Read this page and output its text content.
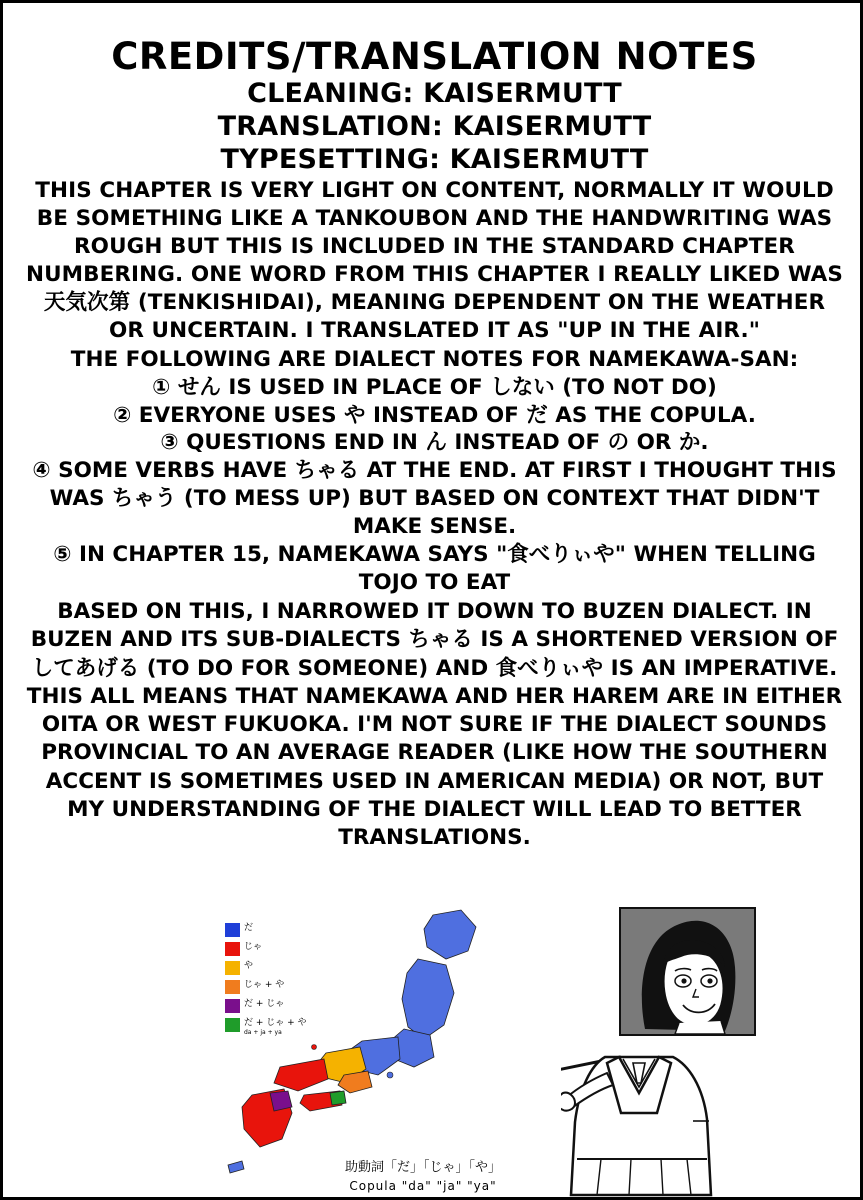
CREDITS/TRANSLATION NOTES
CLEANING: KAISERMUTT
TRANSLATION: KAISERMUTT
TYPESETTING: KAISERMUTT

THIS CHAPTER IS VERY LIGHT ON CONTENT, NORMALLY IT WOULD BE SOMETHING LIKE A TANKOUBON AND THE HANDWRITING WAS ROUGH BUT THIS IS INCLUDED IN THE STANDARD CHAPTER NUMBERING. ONE WORD FROM THIS CHAPTER I REALLY LIKED WAS 天気次第 (TENKISHIDAI), MEANING DEPENDENT ON THE WEATHER OR UNCERTAIN. I TRANSLATED IT AS "UP IN THE AIR."

THE FOLLOWING ARE DIALECT NOTES FOR NAMEKAWA-SAN:
① せん IS USED IN PLACE OF しない (TO NOT DO)
② EVERYONE USES や INSTEAD OF だ AS THE COPULA.
③ QUESTIONS END IN ん INSTEAD OF の OR か.
④ SOME VERBS HAVE ちゃる AT THE END. AT FIRST I THOUGHT THIS WAS ちゃう (TO MESS UP) BUT BASED ON CONTEXT THAT DIDN'T MAKE SENSE.
⑤ IN CHAPTER 15, NAMEKAWA SAYS "食べりぃや" WHEN TELLING TOJO TO EAT

BASED ON THIS, I NARROWED IT DOWN TO BUZEN DIALECT. IN BUZEN AND ITS SUB-DIALECTS ちゃる IS A SHORTENED VERSION OF してあげる (TO DO FOR SOMEONE) AND 食べりぃや IS AN IMPERATIVE. THIS ALL MEANS THAT NAMEKAWA AND HER HAREM ARE IN EITHER OITA OR WEST FUKUOKA. I'M NOT SURE IF THE DIALECT SOUNDS PROVINCIAL TO AN AVERAGE READER (LIKE HOW THE SOUTHERN ACCENT IS SOMETIMES USED IN AMERICAN MEDIA) OR NOT, BUT MY UNDERSTANDING OF THE DIALECT WILL LEAD TO BETTER TRANSLATIONS.

だ
じゃ
や
じゃ + や
だ + じゃ
だ + じゃ + や
da + ja + ya
助動詞「だ」「じゃ」「や」
Copula "da" "ja" "ya"
